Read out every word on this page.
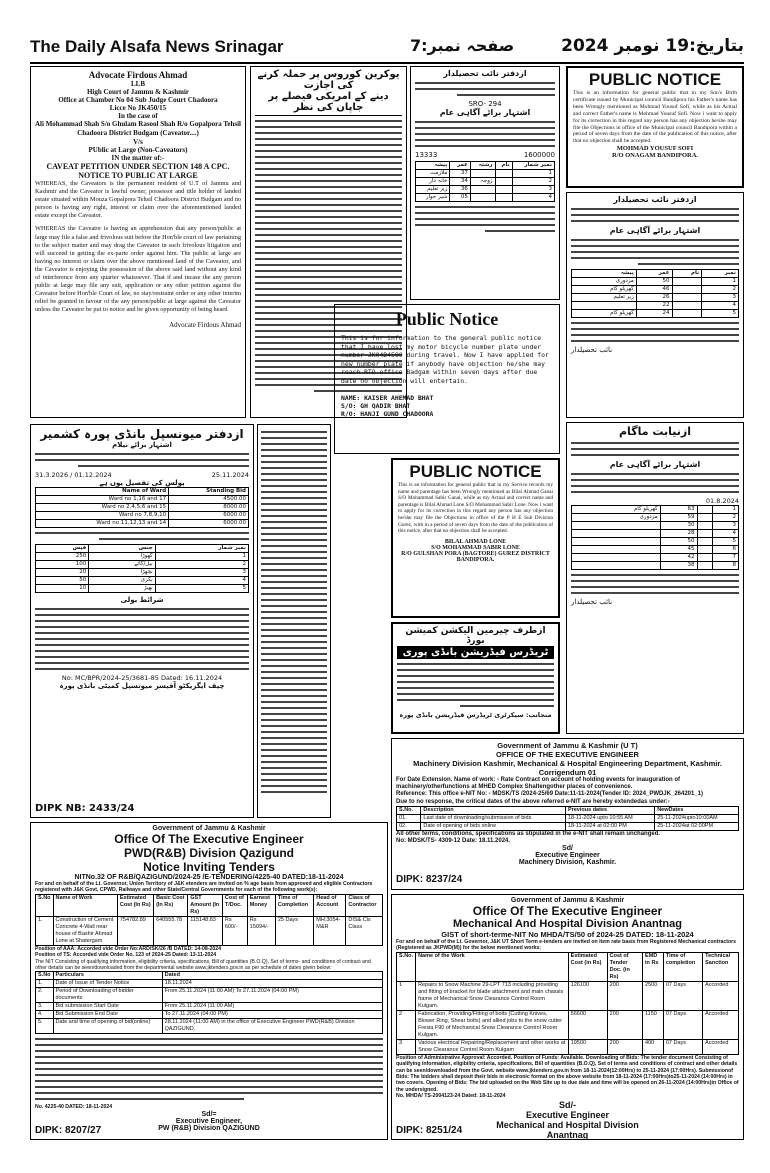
The Daily Alsafa News Srinagar	صفحہ نمبر:7	بتاریخ:19 نومبر 2024

Advocate Firdous Ahmad

LLB

High Court of Jammu & Kashmir

Office at Chamber No 04 Sub Judge Court Chadoora

Licce No JK450/15

In the case of

Ali Mohammad Shah S/o Ghulam Rasool Shah R/o Gopalpora Tehsil Chadoora District Budgam (Caveator....)

V/s

PUblic at Large (Non-Caveators)

IN the matter of:-

CAVEAT PETITION UNDER SECTION 148 A CPC.

NOTICE TO PUBLIC AT LARGE

WHEREAS, the Caveators is the permanent resident of U.T of Jammu and Kashmir and the Caveator is lawful owner, possessor and title holder of landed estate situated within Mouza Gopalpora Tehsil Chadoora District Budgam and no person is having any right, interest or claim over the aforementioned landed estate except the Caveator.

WHEREAS the Caveator is having an apprehension that any person/public at large may file a false and frivolous suit before the Hon'ble court of law pertaining to the subject matter and may drag the Caveator in such frivolous litigation and will succeed in getting the ex-parte order against him. The public at large are having no interest or claim over the above mentioned land of the Caveator, and the Caveator is enjoying the possession of the above said land without any kind of interference from any quarter whatsoever. That if and incase the any person public at large may file any suit, application or any other petition against the Caveator before Hon'ble Court of law, no stay/restraint order or any other interim relief be granted in favour of the any person/public at large against the Caveator unless the Caveator be put to notice and be given opportunity of being heard

Advocate Firdous Ahmad

یوکرین کوروس پر حملہ کرنے کی اجازت

دینے کے امریکی فیصلے پر جاپان کی نظر

ازدفتر نائب تحصیلدار

SRO- 294

اشتہار برائے آگاہی عام

13333	1600000
نمبر شمار	نام	رشتہ	عمر	پیشہ
1			37	ملازمت
2		زوجہ	34	خانہ دار
3			36	زیر تعلیم
4			05	شیر خوار

PUBLIC NOTICE

This is an information for general public that in my Son's Birth certificate issued by Municipal council Bandipora his Father's name has been Wrongly mentioned as Mohmad Yousuf Sofi, while as his Actual and correct Father's name is Mohmad Yousuf Sofi. Now i want to apply for its correction in this regard any person has any objection he/she may file the Objections in office of the Municipal council Bandipora within a period of seven days from the date of the publication of this notice, after that no objection shall be accepted.

MOHMAD YOUSUF SOFI

R/O ONAGAM BANDIPORA.

ازدفتر نائب تحصیلدار

اشتہار برائے آگاہی عام

نمبر	نام	عمر	پیشہ
1		50	مزدوری
2		46	گھریلو کام
3		26	زیر تعلیم
4		22	
5		24	گھریلو کام

نائب تحصیلدار

Public Notice

This is for information to the general public notice that I have lost my motor bicycle number plate under number JK04D4590 during travel. Now I have applied for new number plate if anybody have objection he/she may reach RTO office Badgam within seven days after due date no objection will entertain.

NAME: KAISER AHEMAD BHAT

S/O: GH QADIR BHAT

R/O: HANJI GUND CHADOORA

ازدفتر میونسپل بانڈی پورہ کشمیر

اشتہار برائے نیلام

31.3.2026 / 01.12.2024	25.11.2024

پولس کی تفصیل یوں ہے

Name of Ward	Standing Bid
Ward no 1,16 and 17	4500.00
Ward no 2,4,5,6 and 15	8000.00
Ward no 7,8,9,10	6000.00
Ward no 11,12,13 and 14	6000.00
نمبر شمار	جنس	فیس
1	گھوڑا	250
2	بیل/گائے	100
3	بچھڑا	20
4	بکری	50
5	بھیڑ	10

شرائط بولی

No: MC/BPR/2024-25/3681-85 Dated: 16.11.2024

چیف ایگزیکٹو آفیسر میونسپل کمیٹی بانڈی پورہ

DIPK NB: 2433/24

PUBLIC NOTICE

This is an information for general public that in my Service records my name and parentage has been Wrongly mentioned as Bilal Ahmad Ganai S/O Mohammad Sabir Ganai, while as my Actual and correct name and parentage is Bilal Ahmad Lone S/O Mohammad Sabir Lone. Now i want to apply for its correction in this regard any person has any objection he/she may file the Objections in office of the P H E Sub Division Gurez, with in a period of seven days from the date of the publication of this notice, after that no objection shall be accepted.

BILAL AHMAD LONE

S/O MOHAMMAD SABIR LONE

R/O GULSHAN PORA (BAGTORE) GUREZ DISTRICT BANDIPORA.

ازطرف چیرمین الیکشن کمیشن بورڈ

ٹریڈرس فیڈریشن بانڈی پوری

منجانب: سیکرٹری ٹریڈرس فیڈریشن بانڈی پورہ

ازنیابت ماگام

اشتہار برائے آگاہی عام

01.8.2024

1		63	گھریلو کام
2		59	مزدوری
3		30	
4		28	
5		50	
6		45	
7		42	
8		38	

نائب تحصیلدار

Government of Jammu & Kashmir (U T)

OFFICE OF THE EXECUTIVE ENGINEER

Machinery Division Kashmir, Mechanical & Hospital Engineering Department, Kashmir.

Corrigendum 01

For Date Extension. Name of work: - Rate Contract on account of holding events for inauguration of machinery/otherfunctions at MHED Complex Shaltengother places of convenience.

Reference: This office e-NIT No: - MDSK/TS /2024-25/69 Date:11-11-2024(Tender ID: 2024_PWDJK_264201_1)

Due to no response, the critical dates of the above referred e-NIT are hereby extendedas under:-

S.No.	Description	Previous dates	NewDates
01.	Last date of downloading/submission of bids	18-11-2024 upto 10:55 AM	25-11-2024upto10:00AM
02.	Date of opening of bids online	18-11-2024 at 02:00 PM	25-11-2024at 02:00PM

All other terms, conditions, specifications as stipulated in the e-NIT shall remain unchanged.

No: MDSK/TS- 4309-12 Date: 18.11.2024.

Sd/

Executive Engineer

Machinery Division, Kashmir.

DIPK: 8237/24

Government of Jammu & Kashmir

Office Of The Executive Engineer

PWD(R&B) Division Qazigund

Notice Inviting Tenders

NITNo.32 OF R&B/QAZIGUND/2024-25 /E-TENDERING/4225-40 DATED:18-11-2024

For and on behalf of the Lt. Governor, Union Territory of J&K etenders are invited on % age basis from approved and eligible Contractors registered with J&K Govt, CPWD, Railways and other State/Central Governments for each of the following work(s):

S.No	Name of Work	Estimated Cost (In Rs)	Basic Cost (In Rs)	GST Amount (In Rs)	Cost of T/Doc.	Earnest Money	Time of Completion	Head of Account	Class of Contractor
1.	Construction of Cement Concrete 4-Wall near house of Bashir Ahmad Lone at Shatergam	754782.89	640555.78	115148.83	Rs 600/-	Rs 15094/-	25 Days	MH:3054-M&R	DIS& Cls Class

Position of AAA: Accorded vide Order No:ARD/SK/26 /B DATED: 14-08-2024

Position of TS: Accorded vide Order No. 123 of 2024-25 Dated: 13-11-2024

The NIT Consisting of qualifying information, eligibility criteria, specifications, Bill of quantities (B.O.Q), Set of terms- and conditions of contract and other details can be seen/downloaded from the departmental website www.jktenders.gov.in as per schedule of dates given below:

S.No	Particulars	Dated
1.	Date of Issue of Tender Notice	18.11.2024
2.	Period of Downloading of bidder documents	From 25.11.2024 (11:00 AM) To 27.11.2024 (04:00 PM)
3.	Bid submission Start Date	From 25.11.2024 (11:00 AM)
4.	Bid Submission End Date	To 27.11.2024 (04:00 PM)
5.	Date and time of opening of bid(online)	28.11.2024 (11:00 AM) in the office of Executive Engineer PWD(R&B) Division QAZIGUND.

No. 4225-40 DATED: 18-11-2024

Sd/=

Executive Engineer,

PW (R&B) Division QAZIGUND

DIPK: 8207/27

Government of Jammu & Kashmir

Office Of The Executive Engineer

Mechanical And Hospital Division Anantnag

GIST of short-terme-NIT No MHDA/TS/50 of 2024-25 DATED: 18-11-2024

For and on behalf of the Lt. Governor, J&K UT Short Term e-tenders are invited on item rate basis from Registered Mechanical contractors (Registered as JKPWD(M)) for the below mentioned works:

S.No.	Name of the Work	Estimated Cost (in Rs)	Cost of Tender Doc. (in Rs)	EMD in Rs	Time of completion	Technical Sanction
1	Repairs to Snow Machine 29-LPT 713 including providing and fitting of bracket for blade attachment and main chassis frame of Mechanical Snow Clearance Control Room Kulgam.	126100	200	2500	07 Days	Accorded
2	Fabrication, Providing/Fitting of bolts (Cutting Knives, Blower Ring, Shear bolts) and allied jobs to the snow cutter Fresia F90 of Mechanical Snow Clearance Control Room Kulgam.	56600	200	1150	07 Days	Accorded
3	Various electrical Repairing/Replacement and other works at Snow Clearance Control Room Kulgam	19500	200	400	07 Days	Accorded

Position of Administrative Approval: Accorded. Position of Funds: Available. Downloading of Bids: The tender document Consisting of qualifying information, eligibility criteria, specifications, Bill of quantities (B.O.Q), Set of terms and conditions of contract and other details can be seen/downloaded from the Govt. website www.jktenders.gov.in from 18-11-2024(12:00Hrs) to 25-11-2024 (17:00Hrs). Submissionof Bids: The bidders shall deposit their bids in electronic format on the above website from 18-11-2024 (17:00Hrs)to25-11-2024 (14:00Hrs) in two covers. Opening of Bids: The bid uploaded on the Web Site up to due date and time will be opened on 26-11-2024 (14:00Hrs)in Office of the undersigned.

No. MHDA/ TS-2004123-24 Dated: 18-11-2024

Sd/-

Executive Engineer

Mechanical and Hospital Division

Anantnag

DIPK: 8251/24
